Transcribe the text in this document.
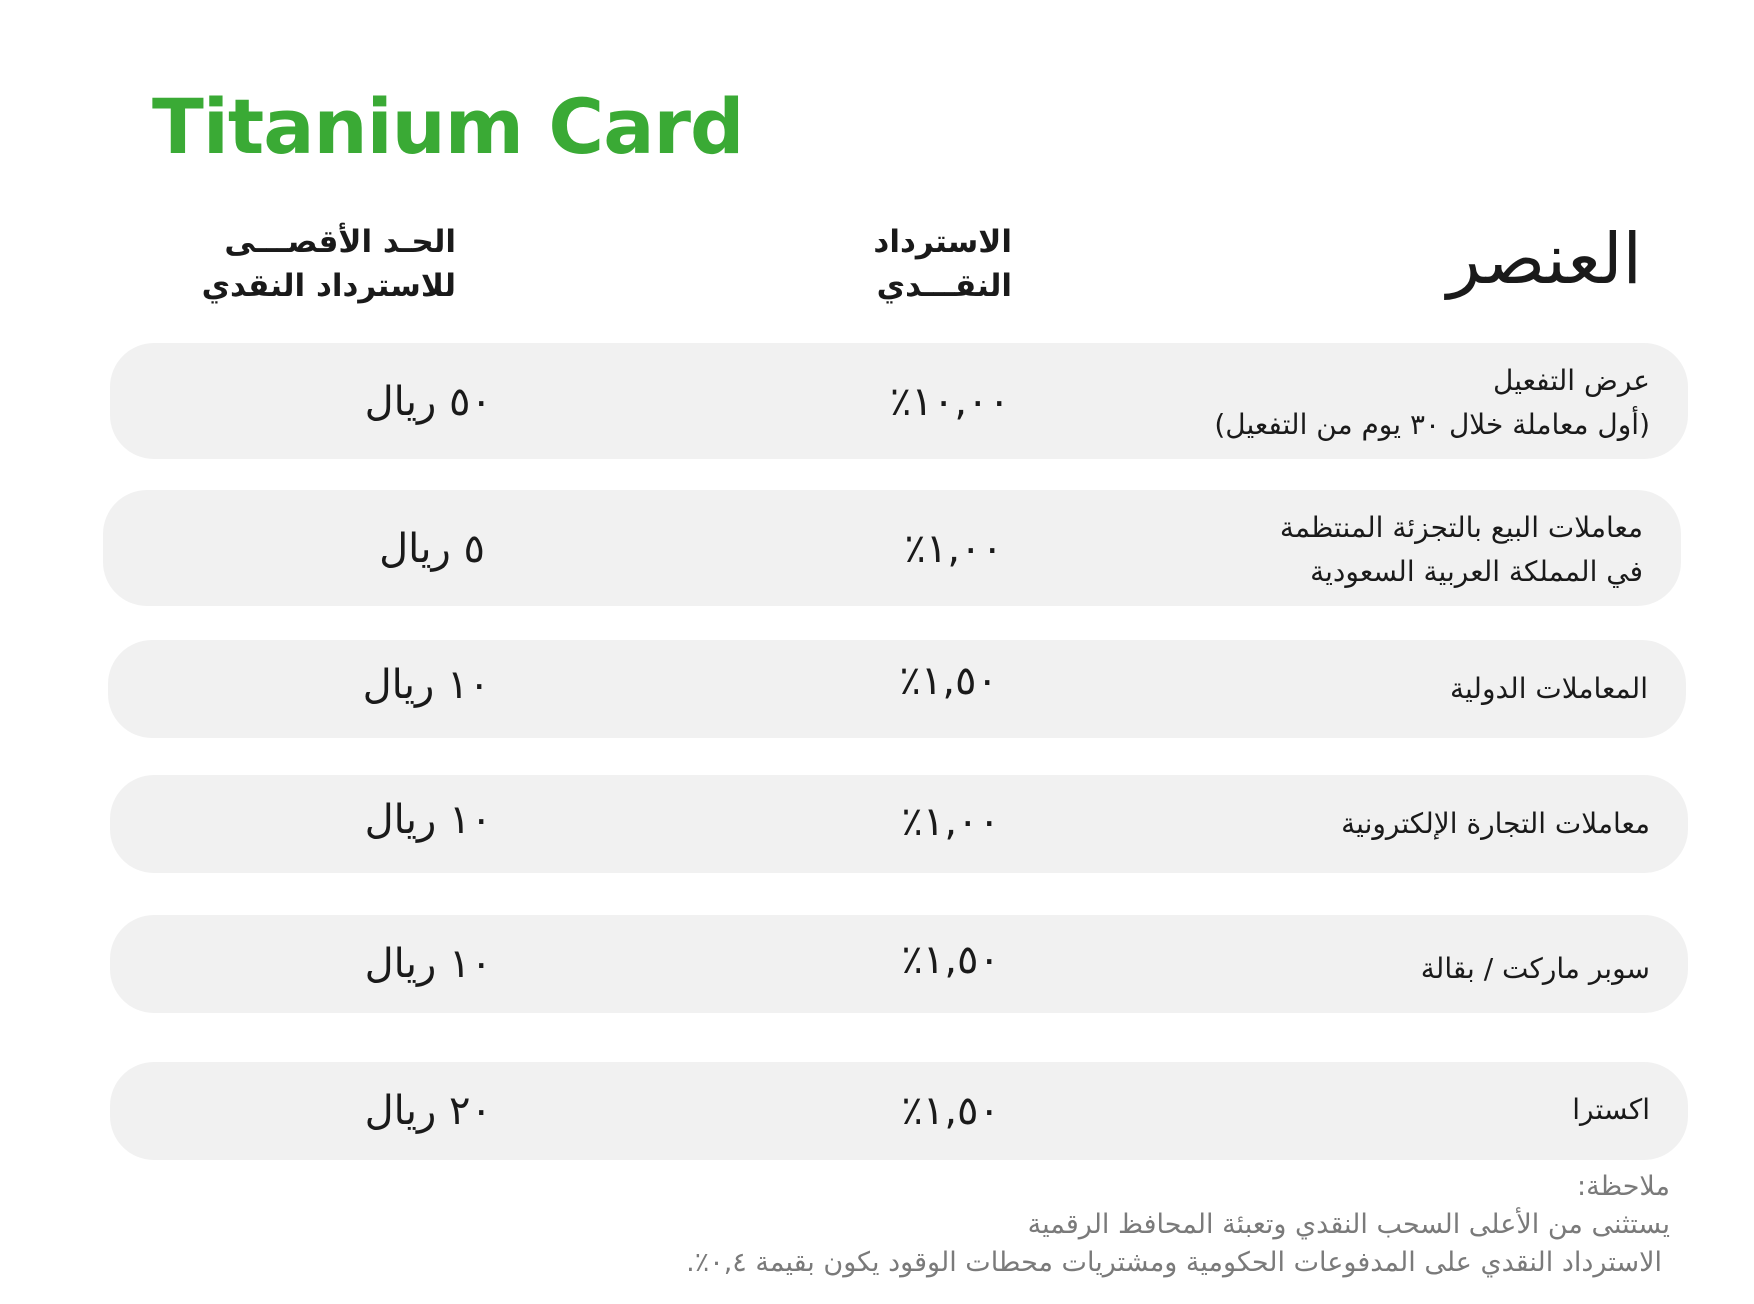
Titanium Card
العنصر
الاسترداد
النقـــدي
الحـد الأقصـــى
للاسترداد النقدي
عرض التفعيل
(أول معاملة خلال ٣٠ يوم من التفعيل)
١٠,٠٠٪
٥٠ ريال
معاملات البيع بالتجزئة المنتظمة
في المملكة العربية السعودية
١,٠٠٪
٥ ريال
المعاملات الدولية
١,٥٠٪
١٠ ريال
معاملات التجارة الإلكترونية
١,٠٠٪
١٠ ريال
سوبر ماركت / بقالة
١,٥٠٪
١٠ ريال
اكسترا
١,٥٠٪
٢٠ ريال
ملاحظة:
يستثنى من الأعلى السحب النقدي وتعبئة المحافظ الرقمية
الاسترداد النقدي على المدفوعات الحكومية ومشتريات محطات الوقود يكون بقيمة ٠,٤٪.
